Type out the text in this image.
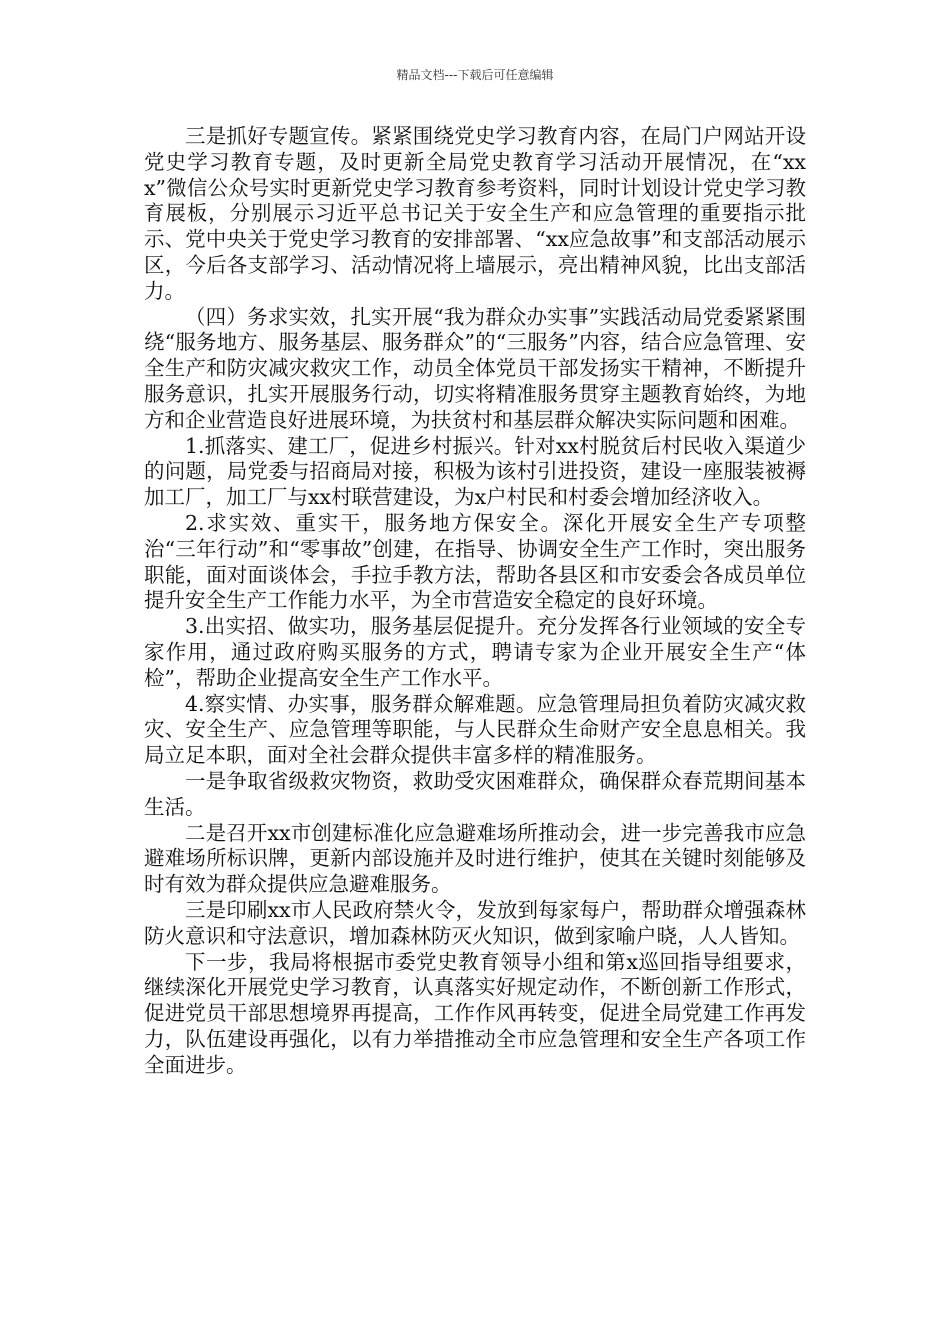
精品文档---下载后可任意编辑

三是抓好专题宣传。紧紧围绕党史学习教育内容，在局门户网站开设党史学习教育专题，及时更新全局党史教育学习活动开展情况，在“xxx”微信公众号实时更新党史学习教育参考资料，同时计划设计党史学习教育展板，分别展示习近平总书记关于安全生产和应急管理的重要指示批示、党中央关于党史学习教育的安排部署、“xx应急故事”和支部活动展示区，今后各支部学习、活动情况将上墙展示，亮出精神风貌，比出支部活力。

（四）务求实效，扎实开展“我为群众办实事”实践活动局党委紧紧围绕“服务地方、服务基层、服务群众”的“三服务”内容，结合应急管理、安全生产和防灾减灾救灾工作，动员全体党员干部发扬实干精神，不断提升服务意识，扎实开展服务行动，切实将精准服务贯穿主题教育始终，为地方和企业营造良好进展环境，为扶贫村和基层群众解决实际问题和困难。

1.抓落实、建工厂，促进乡村振兴。针对xx村脱贫后村民收入渠道少的问题，局党委与招商局对接，积极为该村引进投资，建设一座服装被褥加工厂，加工厂与xx村联营建设，为x户村民和村委会增加经济收入。

2.求实效、重实干，服务地方保安全。深化开展安全生产专项整治“三年行动”和“零事故”创建，在指导、协调安全生产工作时，突出服务职能，面对面谈体会，手拉手教方法，帮助各县区和市安委会各成员单位提升安全生产工作能力水平，为全市营造安全稳定的良好环境。

3.出实招、做实功，服务基层促提升。充分发挥各行业领域的安全专家作用，通过政府购买服务的方式，聘请专家为企业开展安全生产“体检”，帮助企业提高安全生产工作水平。

4.察实情、办实事，服务群众解难题。应急管理局担负着防灾减灾救灾、安全生产、应急管理等职能，与人民群众生命财产安全息息相关。我局立足本职，面对全社会群众提供丰富多样的精准服务。

一是争取省级救灾物资，救助受灾困难群众，确保群众春荒期间基本生活。

二是召开xx市创建标准化应急避难场所推动会，进一步完善我市应急避难场所标识牌，更新内部设施并及时进行维护，使其在关键时刻能够及时有效为群众提供应急避难服务。

三是印刷xx市人民政府禁火令，发放到每家每户，帮助群众增强森林防火意识和守法意识，增加森林防灭火知识，做到家喻户晓，人人皆知。

下一步，我局将根据市委党史教育领导小组和第x巡回指导组要求，继续深化开展党史学习教育，认真落实好规定动作，不断创新工作形式，促进党员干部思想境界再提高，工作作风再转变，促进全局党建工作再发力，队伍建设再强化，以有力举措推动全市应急管理和安全生产各项工作全面进步。
